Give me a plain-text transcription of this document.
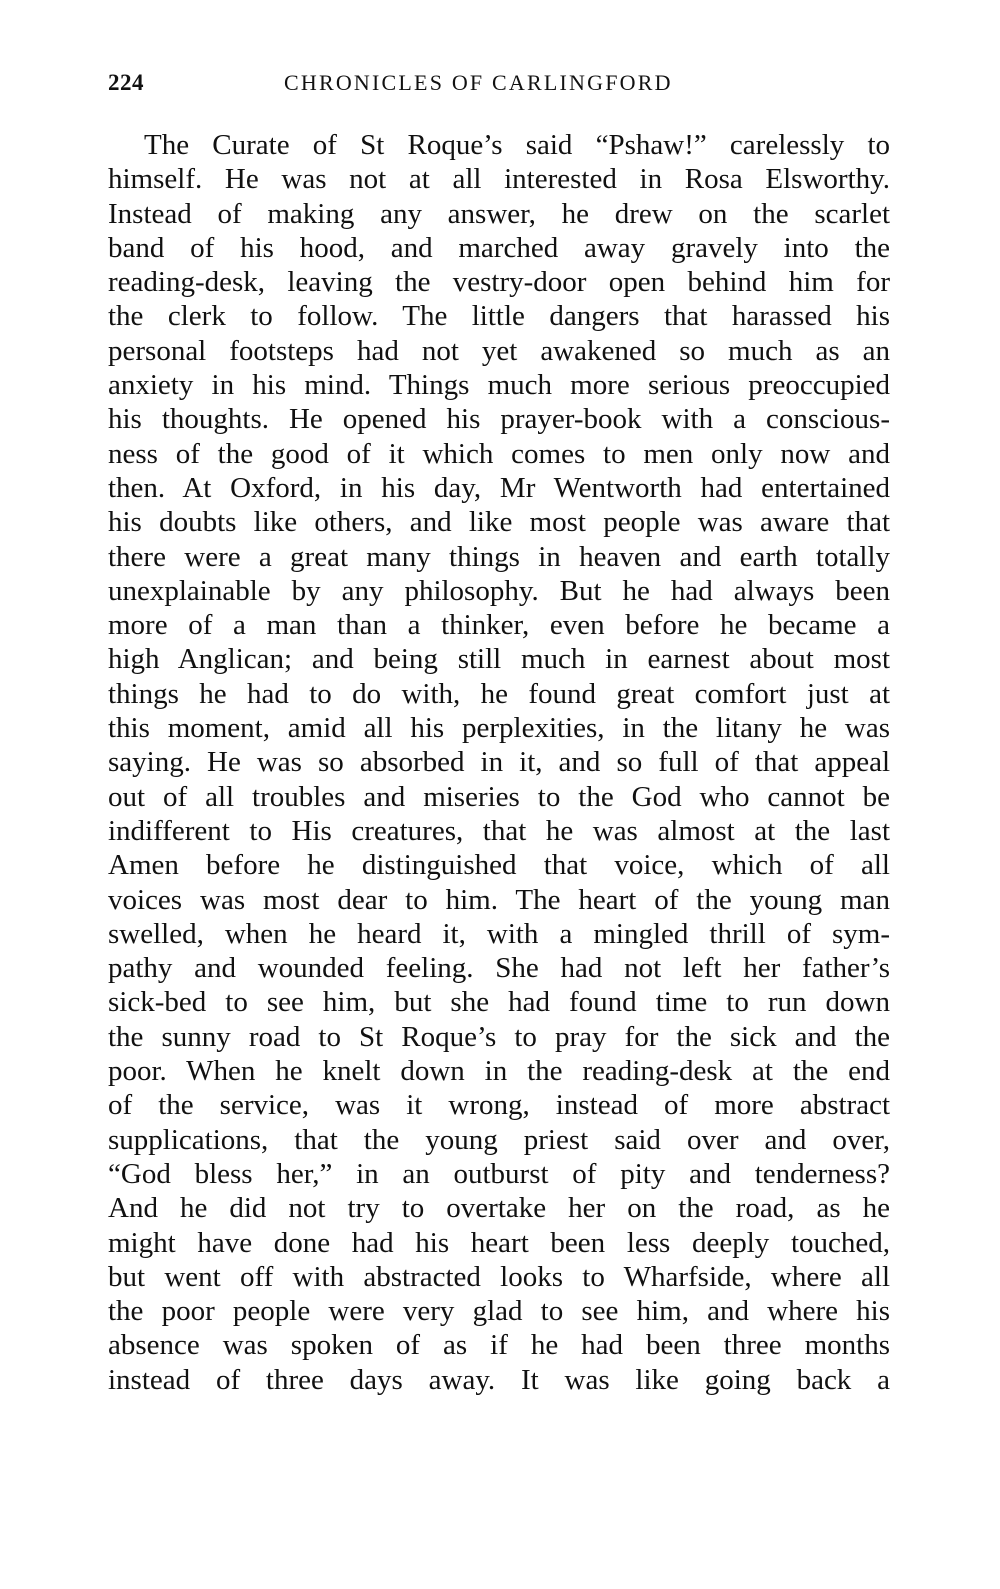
224	CHRONICLES OF CARLINGFORD
The Curate of St Roque’s said “Pshaw!” carelessly to
himself. He was not at all interested in Rosa Elsworthy.
Instead of making any answer, he drew on the scarlet
band of his hood, and marched away gravely into the
reading-desk, leaving the vestry-door open behind him for
the clerk to follow. The little dangers that harassed his
personal footsteps had not yet awakened so much as an
anxiety in his mind. Things much more serious preoccupied
his thoughts. He opened his prayer-book with a conscious-
ness of the good of it which comes to men only now and
then. At Oxford, in his day, Mr Wentworth had entertained
his doubts like others, and like most people was aware that
there were a great many things in heaven and earth totally
unexplainable by any philosophy. But he had always been
more of a man than a thinker, even before he became a
high Anglican; and being still much in earnest about most
things he had to do with, he found great comfort just at
this moment, amid all his perplexities, in the litany he was
saying. He was so absorbed in it, and so full of that appeal
out of all troubles and miseries to the God who cannot be
indifferent to His creatures, that he was almost at the last
Amen before he distinguished that voice, which of all
voices was most dear to him. The heart of the young man
swelled, when he heard it, with a mingled thrill of sym-
pathy and wounded feeling. She had not left her father’s
sick-bed to see him, but she had found time to run down
the sunny road to St Roque’s to pray for the sick and the
poor. When he knelt down in the reading-desk at the end
of the service, was it wrong, instead of more abstract
supplications, that the young priest said over and over,
“God bless her,” in an outburst of pity and tenderness?
And he did not try to overtake her on the road, as he
might have done had his heart been less deeply touched,
but went off with abstracted looks to Wharfside, where all
the poor people were very glad to see him, and where his
absence was spoken of as if he had been three months
instead of three days away. It was like going back a
